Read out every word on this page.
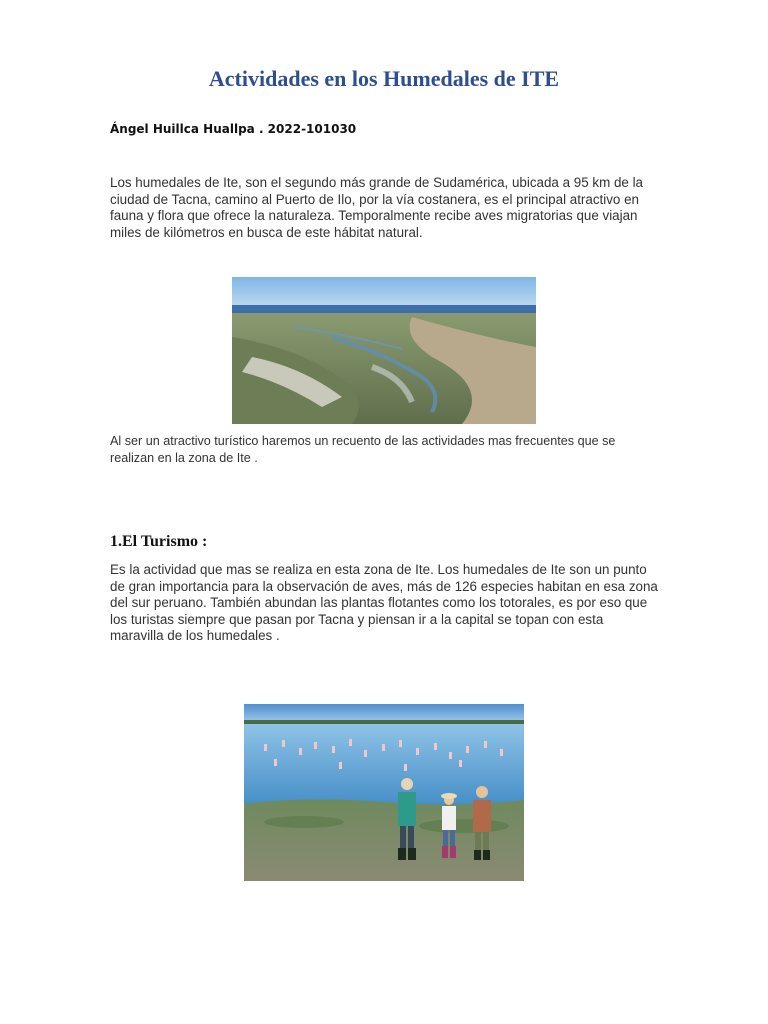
Actividades en los Humedales de ITE
Ángel Huillca Huallpa . 2022-101030

Los humedales de Ite, son el segundo más grande de Sudamérica, ubicada a 95 km de la ciudad de Tacna, camino al Puerto de Ilo, por la vía costanera, es el principal atractivo en fauna y flora que ofrece la naturaleza. Temporalmente recibe aves migratorias que viajan miles de kilómetros en busca de este hábitat natural.

Al ser un atractivo turístico haremos un recuento de las actividades mas frecuentes que se realizan en la zona de Ite .

1.El Turismo :

Es la actividad que mas se realiza en esta zona de Ite. Los humedales de Ite son un punto de gran importancia para la observación de aves, más de 126 especies habitan en esa zona del sur peruano. También abundan las plantas flotantes como los totorales, es por eso que los turistas siempre que pasan por Tacna y piensan ir a la capital se topan con esta maravilla de los humedales .
